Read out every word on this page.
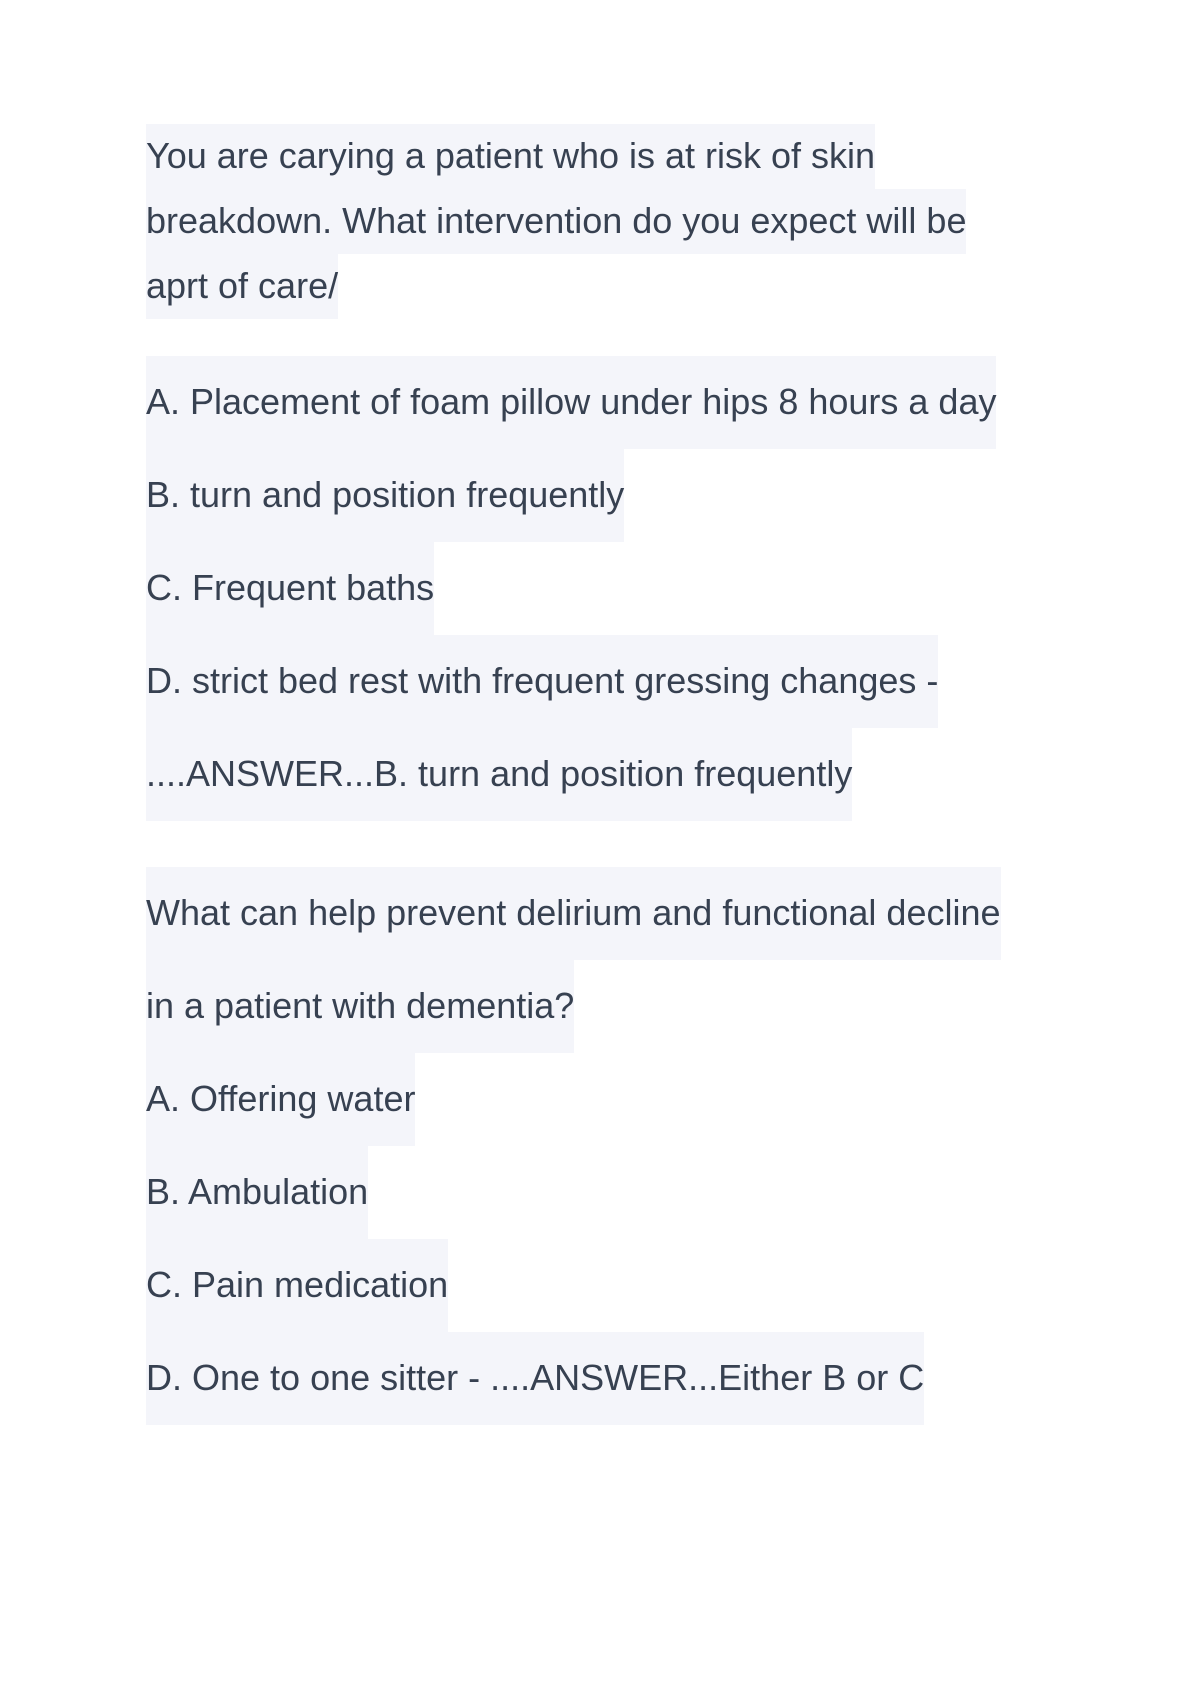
You are carying a patient who is at risk of skin
breakdown. What intervention do you expect will be
aprt of care/
A. Placement of foam pillow under hips 8 hours a day
B. turn and position frequently
C. Frequent baths
D. strict bed rest with frequent gressing changes -
....ANSWER...B. turn and position frequently
What can help prevent delirium and functional decline
in a patient with dementia?
A. Offering water
B. Ambulation
C. Pain medication
D. One to one sitter - ....ANSWER...Either B or C
